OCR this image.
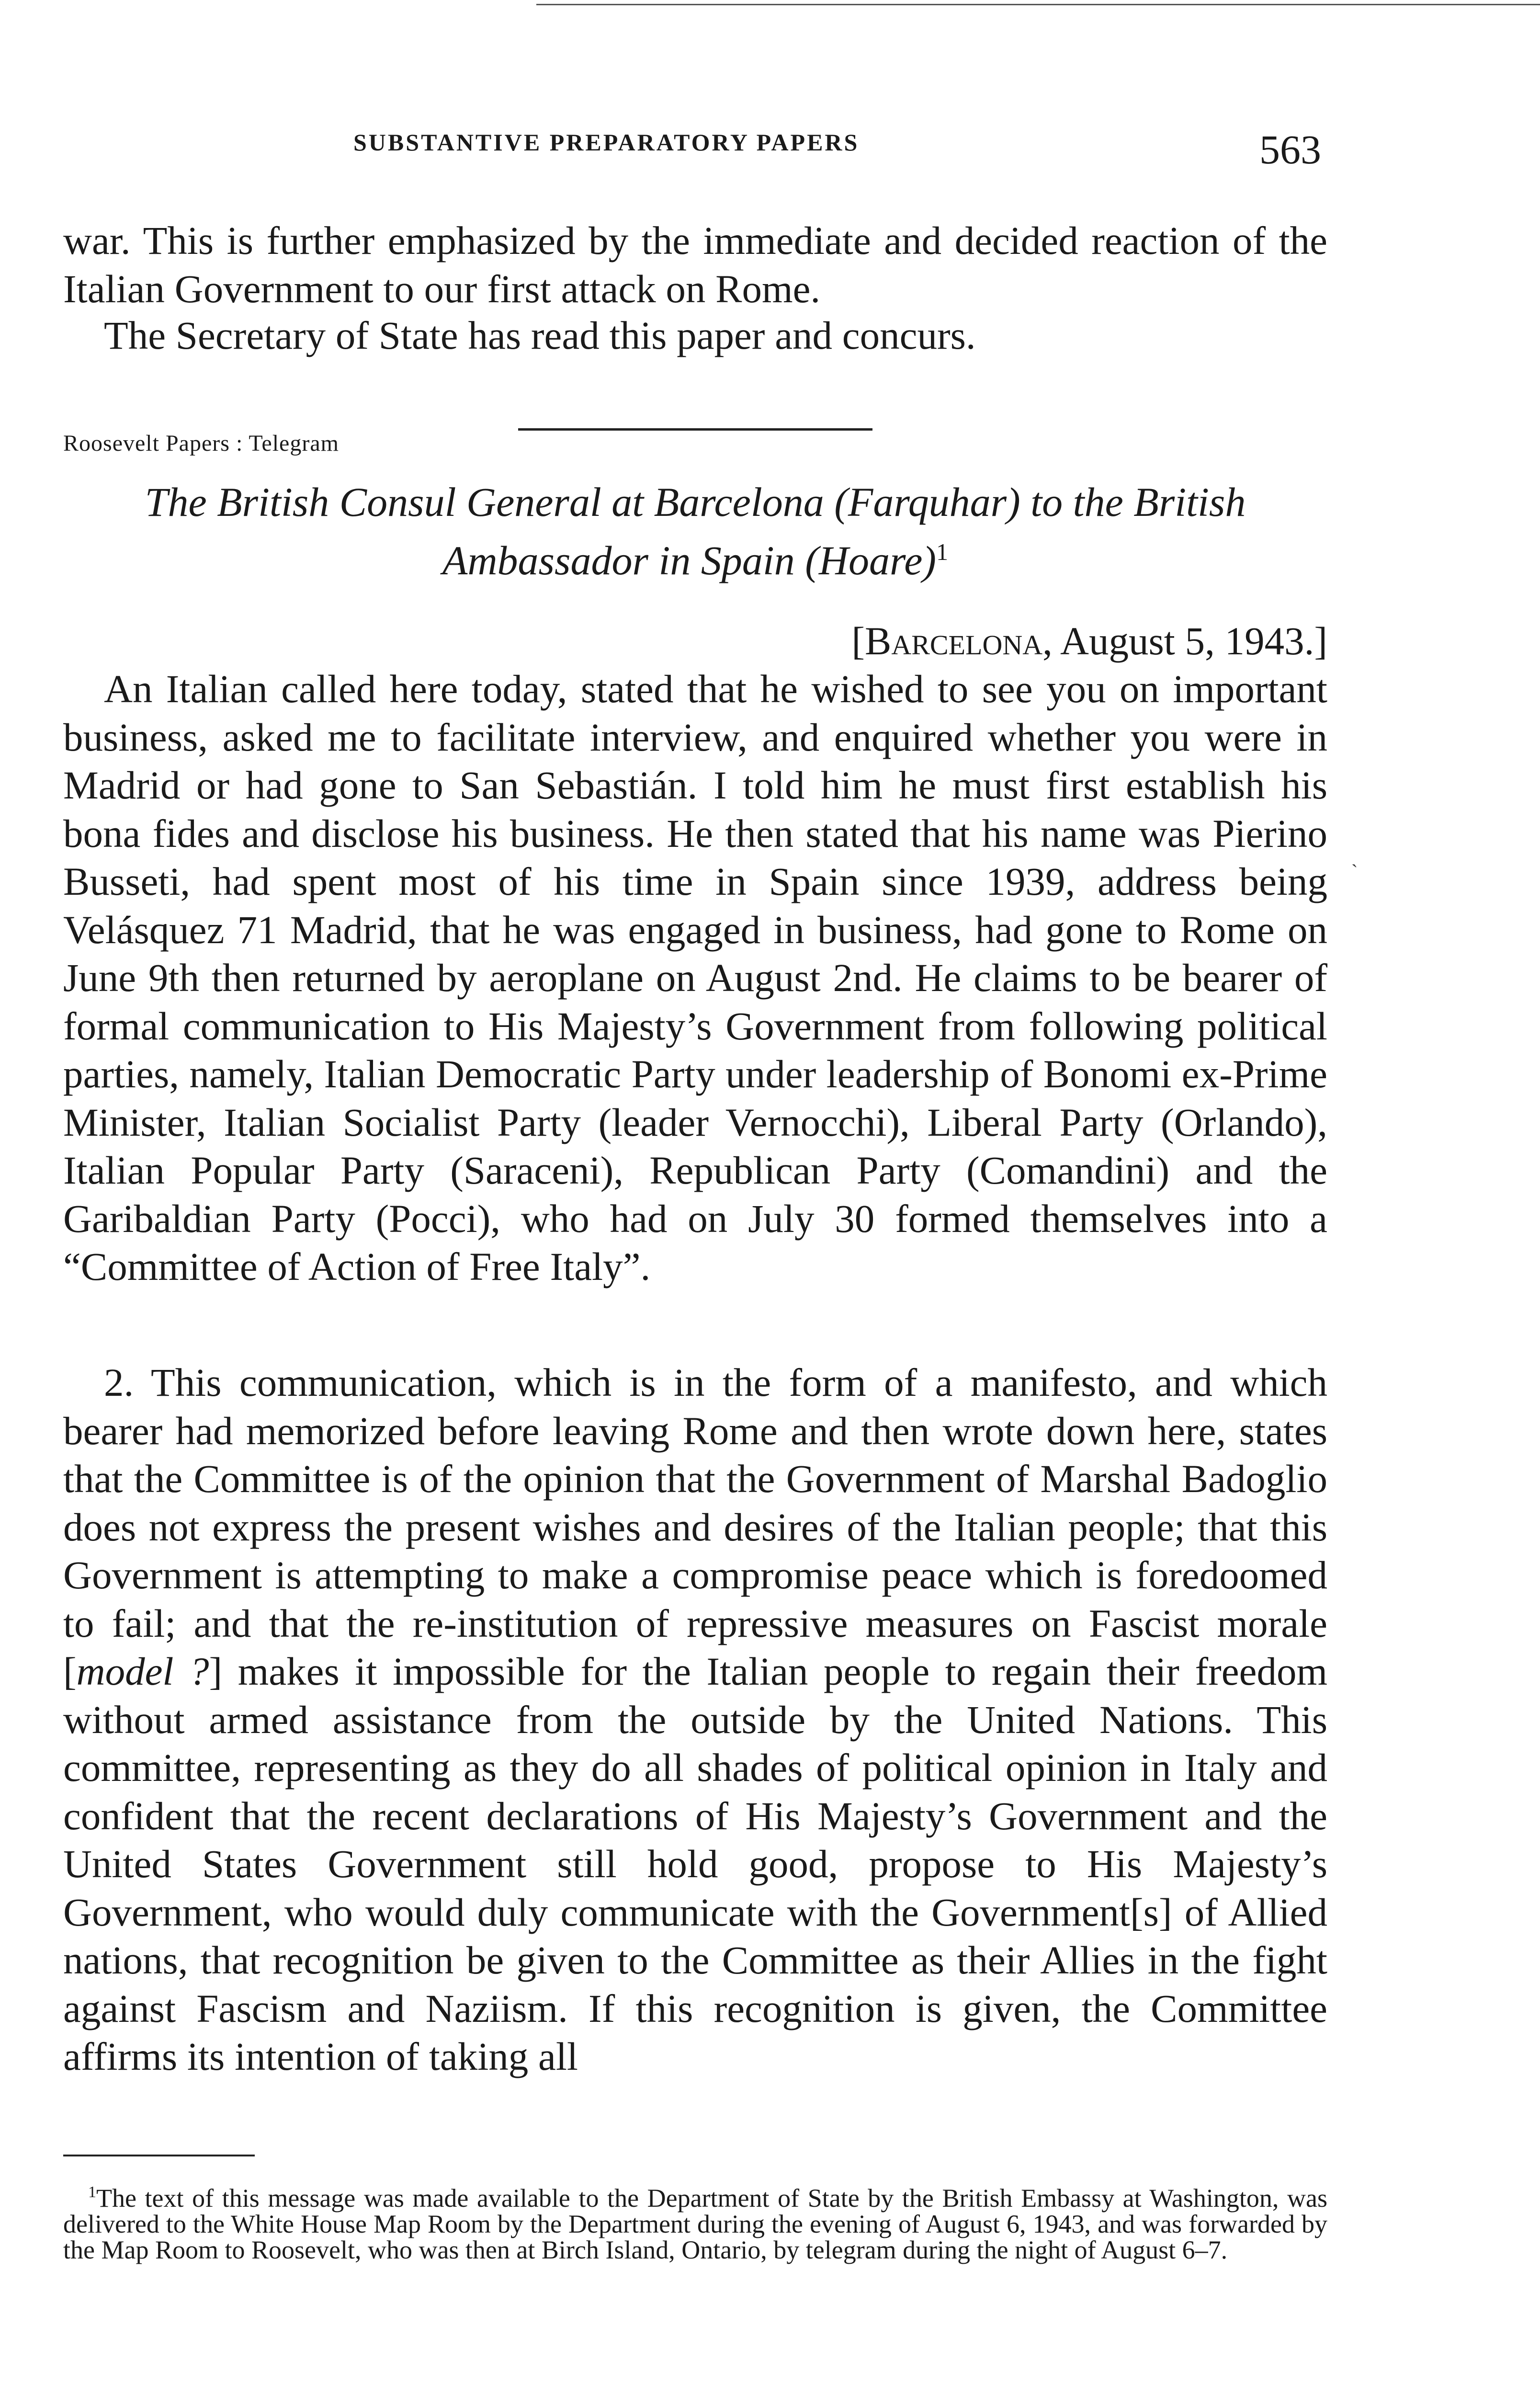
SUBSTANTIVE PREPARATORY PAPERS	563
war. This is further emphasized by the immediate and decided reaction of the Italian Government to our first attack on Rome.
The Secretary of State has read this paper and concurs.
Roosevelt Papers : Telegram
The British Consul General at Barcelona (Farquhar) to the British
Ambassador in Spain (Hoare)$^1$
[Barcelona, August 5, 1943.]
An Italian called here today, stated that he wished to see you on important business, asked me to facilitate interview, and enquired whether you were in Madrid or had gone to San Sebastián. I told him he must first establish his bona fides and disclose his business. He then stated that his name was Pierino Busseti, had spent most of his time in Spain since 1939, address being Velásquez 71 Madrid, that he was engaged in business, had gone to Rome on June 9th then returned by aeroplane on August 2nd. He claims to be bearer of formal communication to His Majesty’s Government from following political parties, namely, Italian Democratic Party under leadership of Bonomi ex-Prime Minister, Italian Socialist Party (leader Vernocchi), Liberal Party (Orlando), Italian Popular Party (Saraceni), Republican Party (Comandini) and the Garibaldian Party (Pocci), who had on July 30 formed themselves into a “Committee of Action of Free Italy”.
2. This communication, which is in the form of a manifesto, and which bearer had memorized before leaving Rome and then wrote down here, states that the Committee is of the opinion that the Government of Marshal Badoglio does not express the present wishes and desires of the Italian people; that this Government is attempting to make a compromise peace which is foredoomed to fail; and that the re-institution of repressive measures on Fascist morale [model ?] makes it impossible for the Italian people to regain their freedom without armed assistance from the outside by the United Nations. This committee, representing as they do all shades of political opinion in Italy and confident that the recent declarations of His Majesty’s Government and the United States Government still hold good, propose to His Majesty’s Government, who would duly communicate with the Government[s] of Allied nations, that recognition be given to the Committee as their Allies in the fight against Fascism and Naziism. If this recognition is given, the Committee affirms its intention of taking all
ˏ
$^1$The text of this message was made available to the Department of State by the British Embassy at Washington, was delivered to the White House Map Room by the Department during the evening of August 6, 1943, and was forwarded by the Map Room to Roosevelt, who was then at Birch Island, Ontario, by telegram during the night of August 6–7.
